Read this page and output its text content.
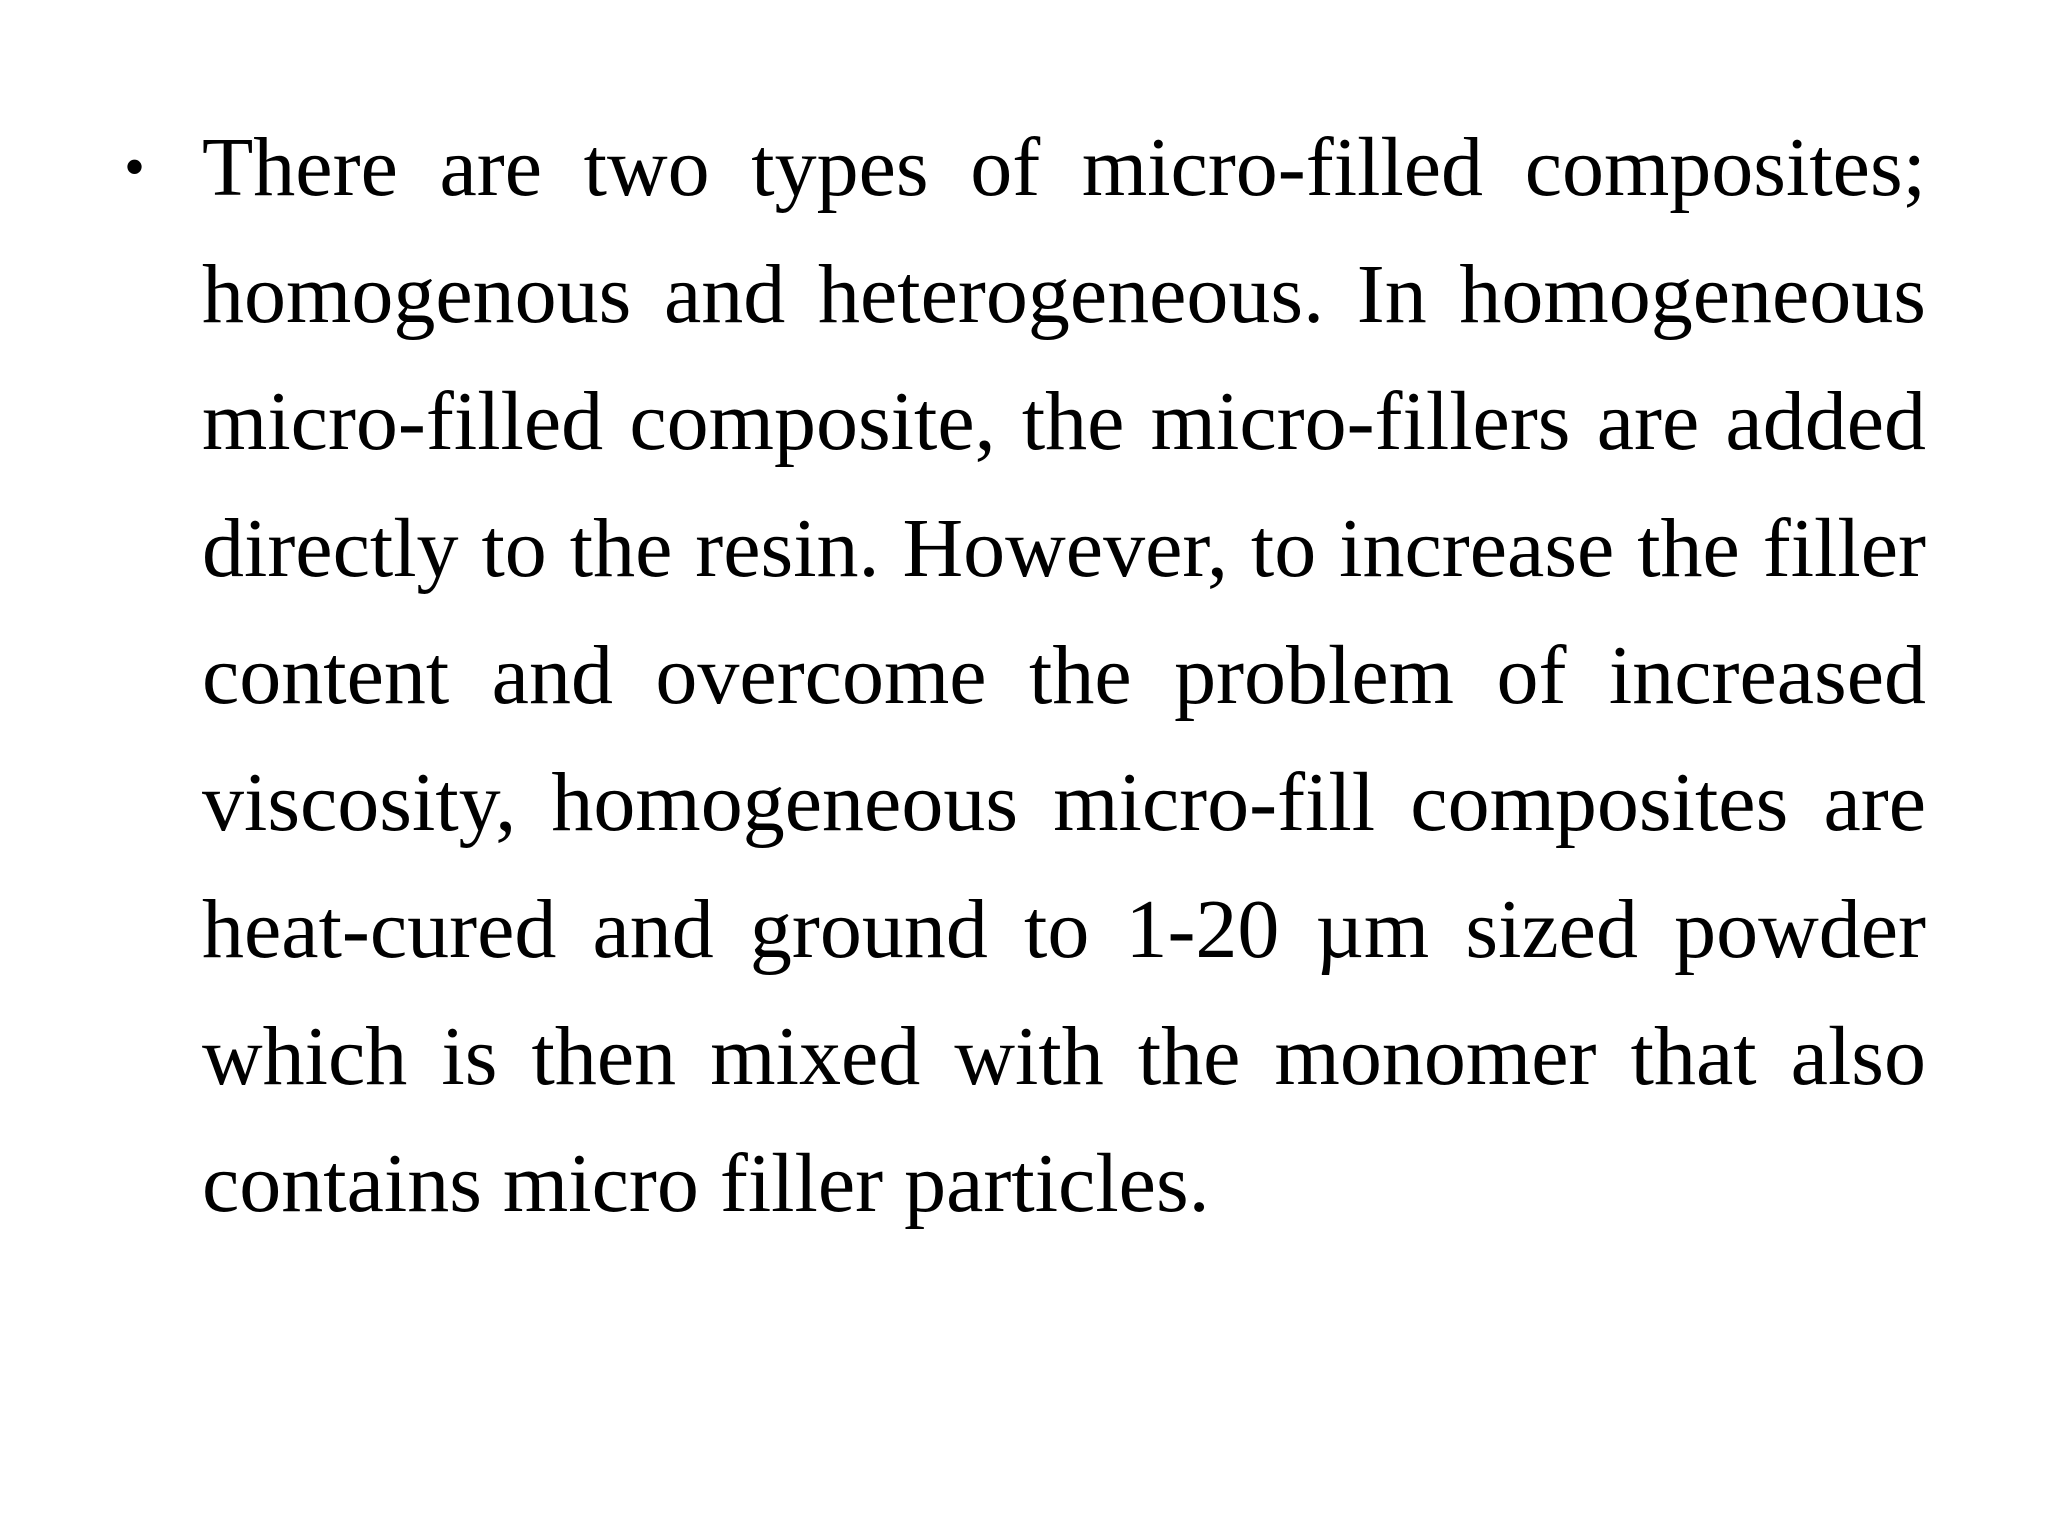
• There are two types of micro-filled composites; homogenous and heterogeneous. In homogeneous micro-filled composite, the micro-fillers are added directly to the resin. However, to increase the filler content and overcome the problem of increased viscosity, homogeneous micro-fill composites are heat-cured and ground to 1-20 µm sized powder which is then mixed with the monomer that also contains micro filler particles.
